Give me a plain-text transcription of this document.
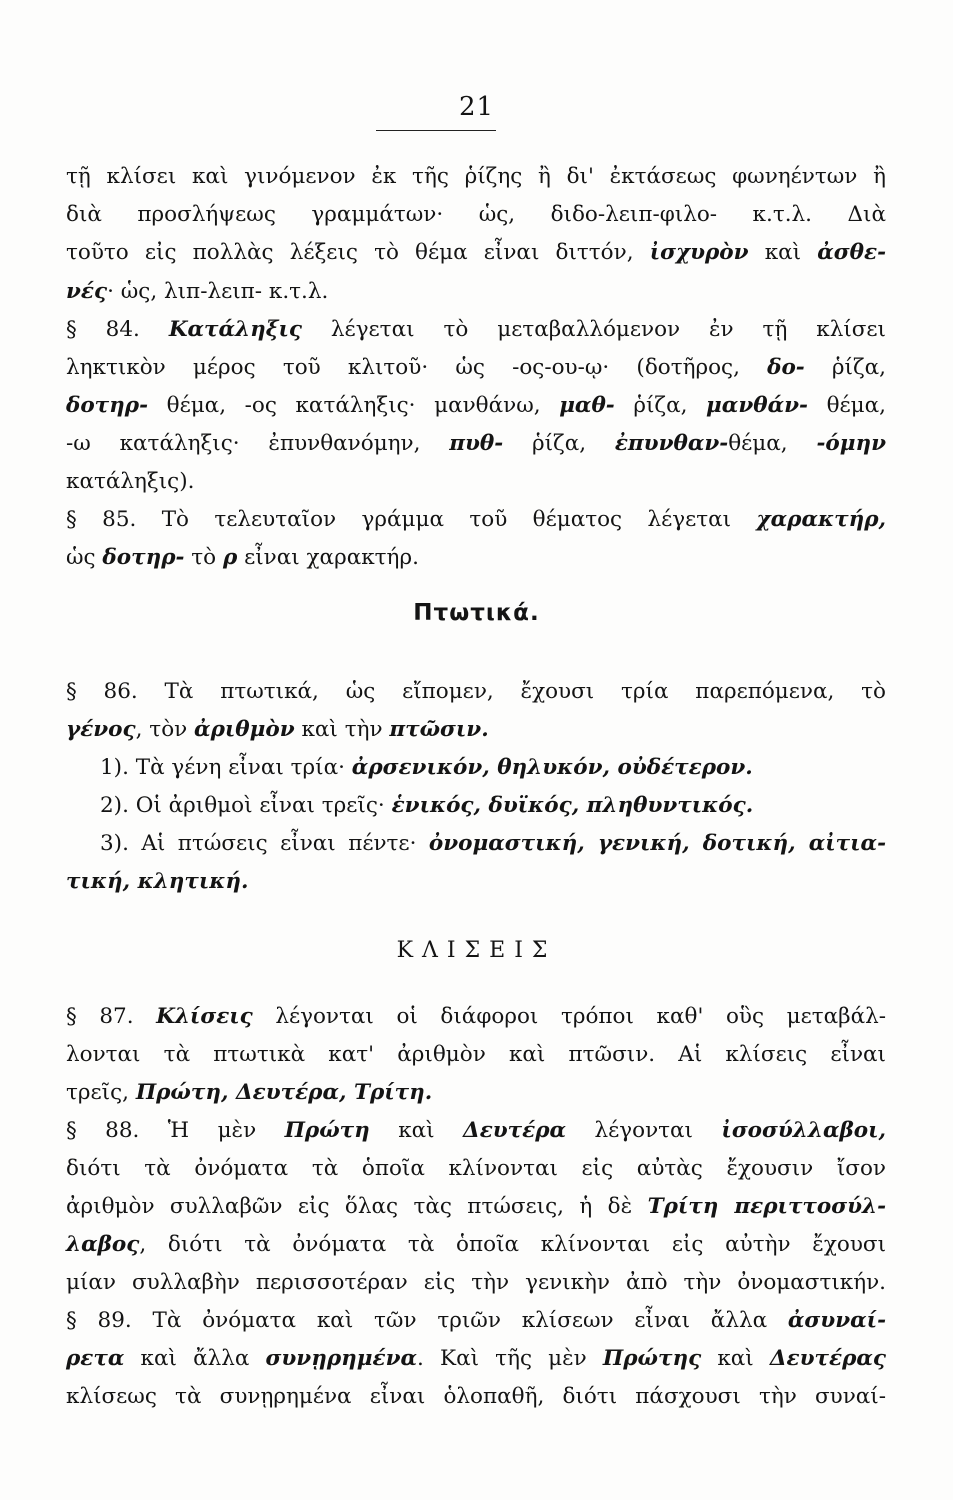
21
τῇ κλίσει καὶ γινόμενον ἐκ τῆς ῥίζης ἢ δι' ἐκτάσεως φωνηέντων ἢ
διὰ προσλήψεως γραμμάτων· ὡς, διδο-λειπ-φιλο- κ.τ.λ. Διὰ
τοῦτο εἰς πολλὰς λέξεις τὸ θέμα εἶναι διττόν, ἰσχυρὸν καὶ ἀσθε-
νές· ὡς, λιπ-λειπ- κ.τ.λ.
§ 84. Κατάληξις λέγεται τὸ μεταβαλλόμενον ἐν τῇ κλίσει
ληκτικὸν μέρος τοῦ κλιτοῦ· ὡς -ος-ου-ῳ· (δοτῆρος, δο- ῥίζα,
δοτηρ- θέμα, -ος κατάληξις· μανθάνω, μαθ- ῥίζα, μανθάν- θέμα,
-ω κατάληξις· ἐπυνθανόμην, πυθ- ῥίζα, ἐπυνθαν-θέμα, -όμην
κατάληξις).
§ 85. Τὸ τελευταῖον γράμμα τοῦ θέματος λέγεται χαρακτήρ,
ὡς δοτηρ- τὸ ρ εἶναι χαρακτήρ.
§ 86. Τὰ πτωτικά, ὡς εἴπομεν, ἔχουσι τρία παρεπόμενα, τὸ
γένος, τὸν ἀριθμὸν καὶ τὴν πτῶσιν.
1). Τὰ γένη εἶναι τρία· ἀρσενικόν, θηλυκόν, οὐδέτερον.
2). Οἱ ἀριθμοὶ εἶναι τρεῖς· ἑνικός, δυϊκός, πληθυντικός.
3). Αἱ πτώσεις εἶναι πέντε· ὀνομαστική, γενική, δοτική, αἰτια-
τική, κλητική.
§ 87. Κλίσεις λέγονται οἱ διάφοροι τρόποι καθ' οὓς μεταβάλ-
λονται τὰ πτωτικὰ κατ' ἀριθμὸν καὶ πτῶσιν. Αἱ κλίσεις εἶναι
τρεῖς, Πρώτη, Δευτέρα, Τρίτη.
§ 88. Ἡ μὲν Πρώτη καὶ Δευτέρα λέγονται ἰσοσύλλαβοι,
διότι τὰ ὀνόματα τὰ ὁποῖα κλίνονται εἰς αὐτὰς ἔχουσιν ἴσον
ἀριθμὸν συλλαβῶν εἰς ὅλας τὰς πτώσεις, ἡ δὲ Τρίτη περιττοσύλ-
λαβος, διότι τὰ ὀνόματα τὰ ὁποῖα κλίνονται εἰς αὐτὴν ἔχουσι
μίαν συλλαβὴν περισσοτέραν εἰς τὴν γενικὴν ἀπὸ τὴν ὀνομαστικήν.
§ 89. Τὰ ὀνόματα καὶ τῶν τριῶν κλίσεων εἶναι ἄλλα ἀσυναί-
ρετα καὶ ἄλλα συνῃρημένα. Καὶ τῆς μὲν Πρώτης καὶ Δευτέρας
κλίσεως τὰ συνῃρημένα εἶναι ὁλοπαθῆ, διότι πάσχουσι τὴν συναί-
Πτωτικά.
ΚΛΙΣΕΙΣ
